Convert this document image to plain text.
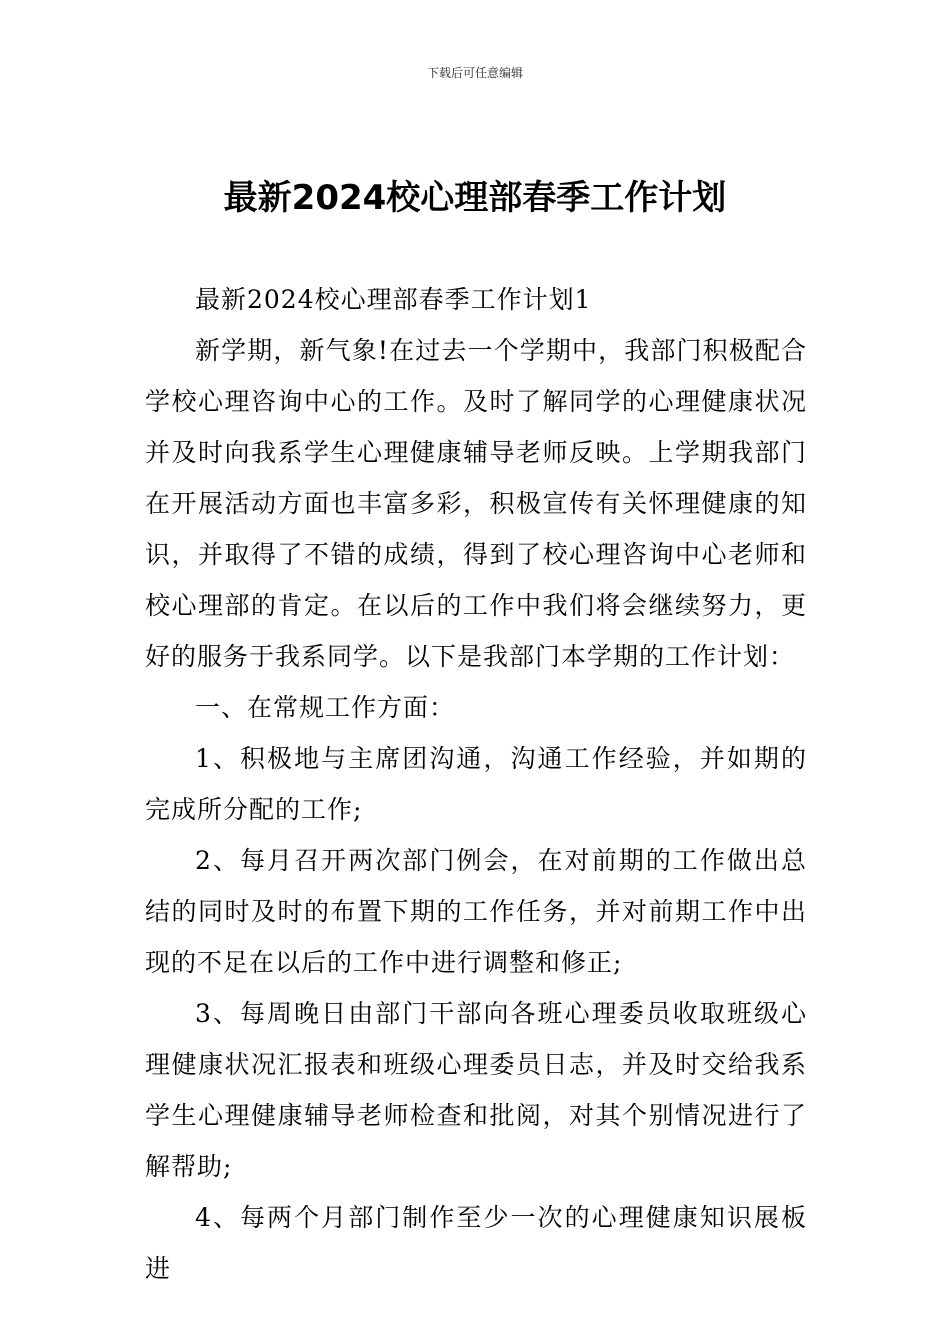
下载后可任意编辑
最新2024校心理部春季工作计划

最新2024校心理部春季工作计划1

新学期，新气象!在过去一个学期中，我部门积极配合学校心理咨询中心的工作。及时了解同学的心理健康状况并及时向我系学生心理健康辅导老师反映。上学期我部门在开展活动方面也丰富多彩，积极宣传有关怀理健康的知识，并取得了不错的成绩，得到了校心理咨询中心老师和校心理部的肯定。在以后的工作中我们将会继续努力，更好的服务于我系同学。以下是我部门本学期的工作计划：

一、在常规工作方面：

1、积极地与主席团沟通，沟通工作经验，并如期的完成所分配的工作;

2、每月召开两次部门例会，在对前期的工作做出总结的同时及时的布置下期的工作任务，并对前期工作中出现的不足在以后的工作中进行调整和修正;

3、每周晚日由部门干部向各班心理委员收取班级心理健康状况汇报表和班级心理委员日志，并及时交给我系学生心理健康辅导老师检查和批阅，对其个别情况进行了解帮助;

4、每两个月部门制作至少一次的心理健康知识展板进
